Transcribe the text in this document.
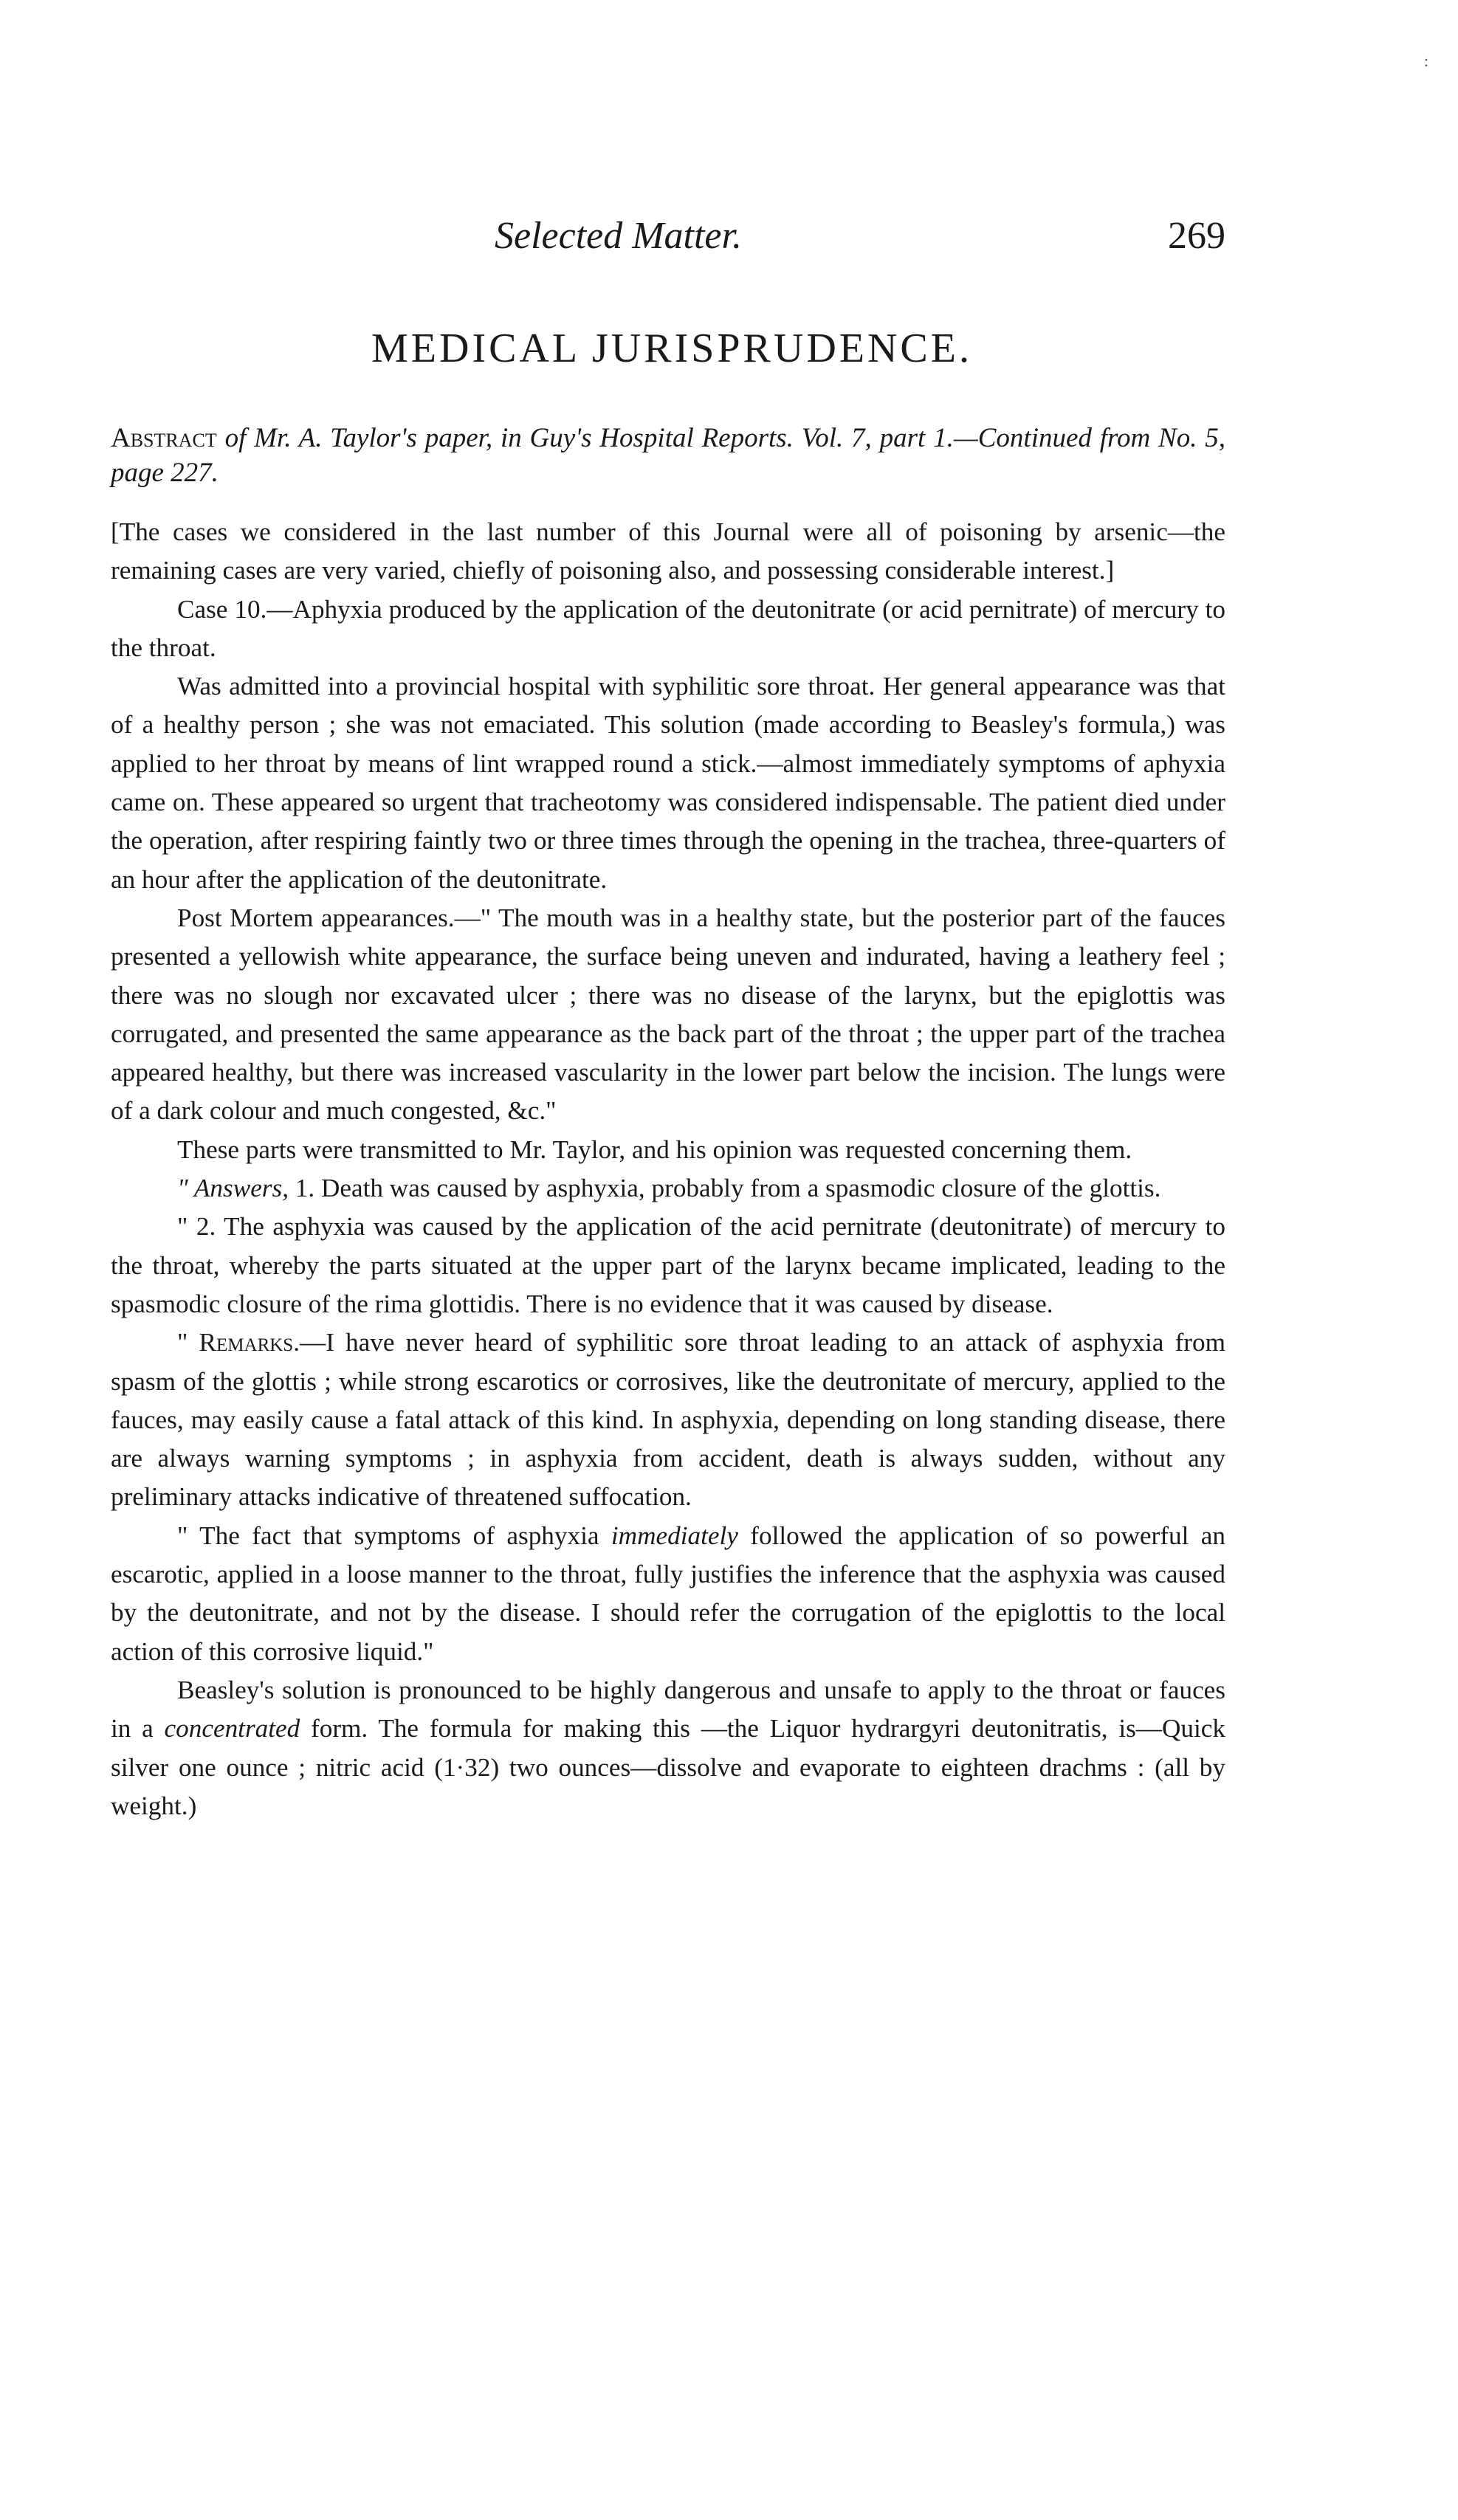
:
Selected Matter.	269
MEDICAL JURISPRUDENCE.
Abstract of Mr. A. Taylor's paper, in Guy's Hospital Reports. Vol. 7, part 1.—Continued from No. 5, page 227.

[The cases we considered in the last number of this Journal were all of poisoning by arsenic—the remaining cases are very varied, chiefly of poisoning also, and possessing considerable interest.]

Case 10.—Aphyxia produced by the application of the deutonitrate (or acid pernitrate) of mercury to the throat.

Was admitted into a provincial hospital with syphilitic sore throat. Her general appearance was that of a healthy person ; she was not emaciated. This solution (made according to Beasley's formula,) was applied to her throat by means of lint wrapped round a stick.—almost immediately symptoms of aphyxia came on. These appeared so urgent that tracheotomy was considered indispensable. The patient died under the operation, after respiring faintly two or three times through the opening in the trachea, three-quarters of an hour after the application of the deutonitrate.

Post Mortem appearances.—" The mouth was in a healthy state, but the posterior part of the fauces presented a yellowish white appearance, the surface being uneven and indurated, having a leathery feel ; there was no slough nor excavated ulcer ; there was no disease of the larynx, but the epiglottis was corrugated, and presented the same appearance as the back part of the throat ; the upper part of the trachea appeared healthy, but there was increased vascularity in the lower part below the incision. The lungs were of a dark colour and much congested, &c."

These parts were transmitted to Mr. Taylor, and his opinion was requested concerning them.

" Answers, 1. Death was caused by asphyxia, probably from a spasmodic closure of the glottis.

" 2. The asphyxia was caused by the application of the acid pernitrate (deutonitrate) of mercury to the throat, whereby the parts situated at the upper part of the larynx became implicated, leading to the spasmodic closure of the rima glottidis. There is no evidence that it was caused by disease.

" Remarks.—I have never heard of syphilitic sore throat leading to an attack of asphyxia from spasm of the glottis ; while strong escarotics or corrosives, like the deutronitate of mercury, applied to the fauces, may easily cause a fatal attack of this kind. In asphyxia, depending on long standing disease, there are always warning symptoms ; in asphyxia from accident, death is always sudden, without any preliminary attacks indicative of threatened suffocation.

" The fact that symptoms of asphyxia immediately followed the application of so powerful an escarotic, applied in a loose manner to the throat, fully justifies the inference that the asphyxia was caused by the deutonitrate, and not by the disease. I should refer the corrugation of the epiglottis to the local action of this corrosive liquid."

Beasley's solution is pronounced to be highly dangerous and unsafe to apply to the throat or fauces in a concentrated form. The formula for making this —the Liquor hydrargyri deutonitratis, is—Quick silver one ounce ; nitric acid (1·32) two ounces—dissolve and evaporate to eighteen drachms : (all by weight.)
